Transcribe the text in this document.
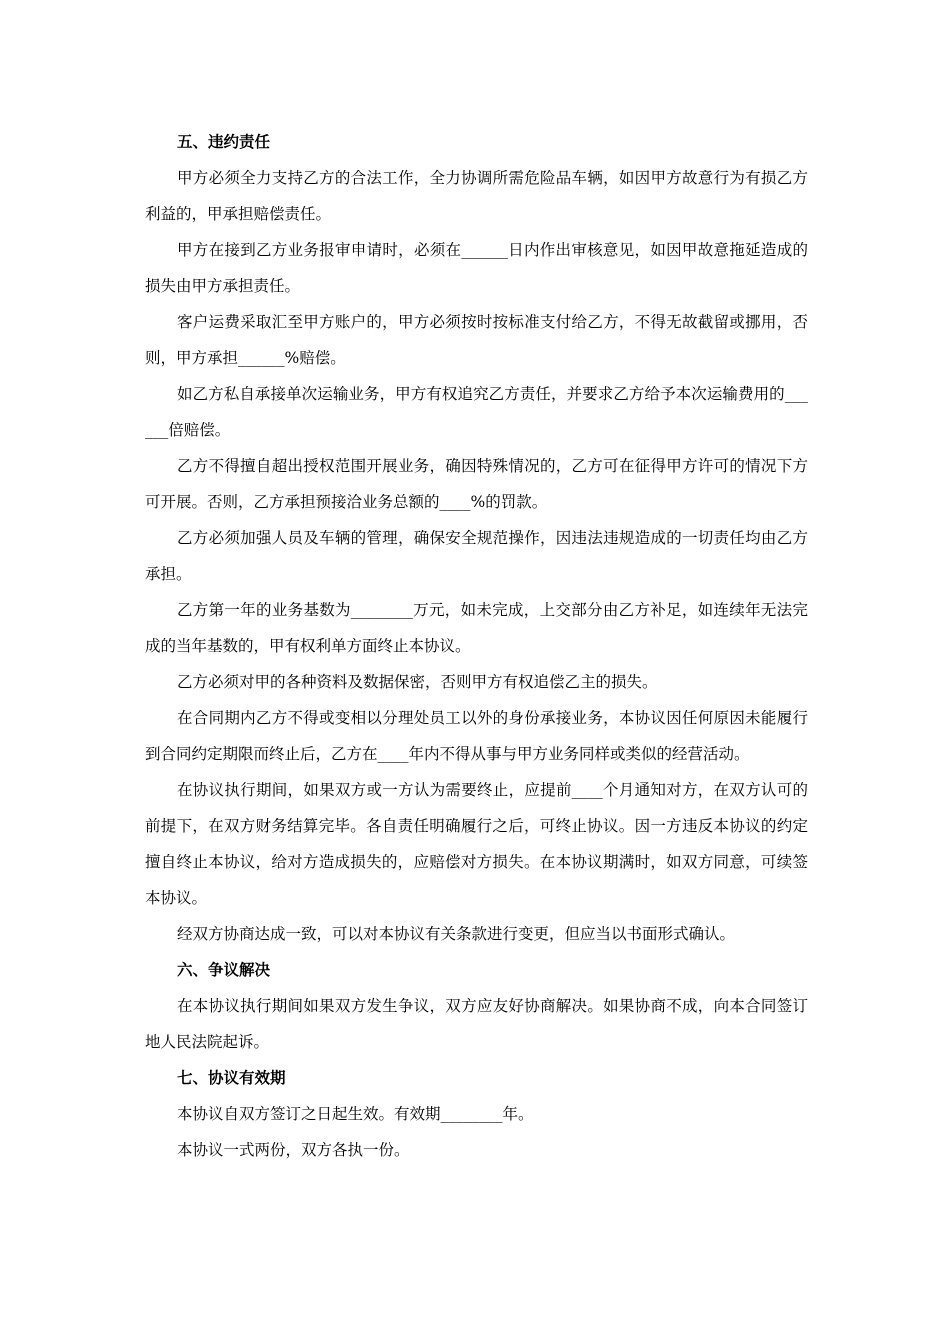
五、违约责任

甲方必须全力支持乙方的合法工作，全力协调所需危险品车辆，如因甲方故意行为有损乙方利益的，甲承担赔偿责任。

甲方在接到乙方业务报审申请时，必须在______日内作出审核意见，如因甲故意拖延造成的损失由甲方承担责任。

客户运费采取汇至甲方账户的，甲方必须按时按标准支付给乙方，不得无故截留或挪用，否则，甲方承担______%赔偿。

如乙方私自承接单次运输业务，甲方有权追究乙方责任，并要求乙方给予本次运输费用的______倍赔偿。

乙方不得擅自超出授权范围开展业务，确因特殊情况的，乙方可在征得甲方许可的情况下方可开展。否则，乙方承担预接洽业务总额的____%的罚款。

乙方必须加强人员及车辆的管理，确保安全规范操作，因违法违规造成的一切责任均由乙方承担。

乙方第一年的业务基数为________万元，如未完成，上交部分由乙方补足，如连续年无法完成的当年基数的，甲有权利单方面终止本协议。

乙方必须对甲的各种资料及数据保密，否则甲方有权追偿乙主的损失。

在合同期内乙方不得或变相以分理处员工以外的身份承接业务，本协议因任何原因未能履行到合同约定期限而终止后，乙方在____年内不得从事与甲方业务同样或类似的经营活动。

在协议执行期间，如果双方或一方认为需要终止，应提前____个月通知对方，在双方认可的前提下，在双方财务结算完毕。各自责任明确履行之后，可终止协议。因一方违反本协议的约定擅自终止本协议，给对方造成损失的，应赔偿对方损失。在本协议期满时，如双方同意，可续签本协议。

经双方协商达成一致，可以对本协议有关条款进行变更，但应当以书面形式确认。

六、争议解决

在本协议执行期间如果双方发生争议，双方应友好协商解决。如果协商不成，向本合同签订地人民法院起诉。

七、协议有效期

本协议自双方签订之日起生效。有效期________年。

本协议一式两份，双方各执一份。
